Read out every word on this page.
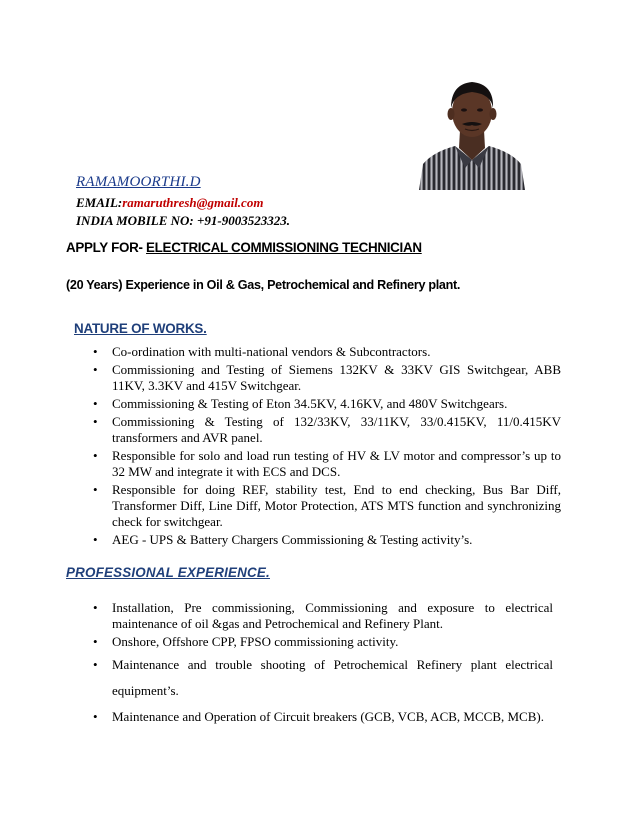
RAMAMOORTHI.D
EMAIL:ramaruthresh@gmail.com
INDIA MOBILE NO: +91-9003523323.
APPLY FOR- ELECTRICAL COMMISSIONING TECHNICIAN
(20 Years) Experience in Oil & Gas, Petrochemical and Refinery plant.
NATURE OF WORKS.
• Co-ordination with multi-national vendors & Subcontractors.
• Commissioning and Testing of Siemens 132KV & 33KV GIS Switchgear, ABB 11KV, 3.3KV and 415V Switchgear.
• Commissioning & Testing of Eton 34.5KV, 4.16KV, and 480V Switchgears.
• Commissioning & Testing of 132/33KV, 33/11KV, 33/0.415KV, 11/0.415KV transformers and AVR panel.
• Responsible for solo and load run testing of HV & LV motor and compressor’s up to 32 MW and integrate it with ECS and DCS.
• Responsible for doing REF, stability test, End to end checking, Bus Bar Diff, Transformer Diff, Line Diff, Motor Protection, ATS MTS function and synchronizing check for switchgear.
• AEG - UPS & Battery Chargers Commissioning & Testing activity’s.
PROFESSIONAL EXPERIENCE.
• Installation, Pre commissioning, Commissioning and exposure to electrical maintenance of oil &gas and Petrochemical and Refinery Plant.
• Onshore, Offshore CPP, FPSO commissioning activity.
• Maintenance and trouble shooting of Petrochemical Refinery plant electrical equipment’s.
• Maintenance and Operation of Circuit breakers (GCB, VCB, ACB, MCCB, MCB).
